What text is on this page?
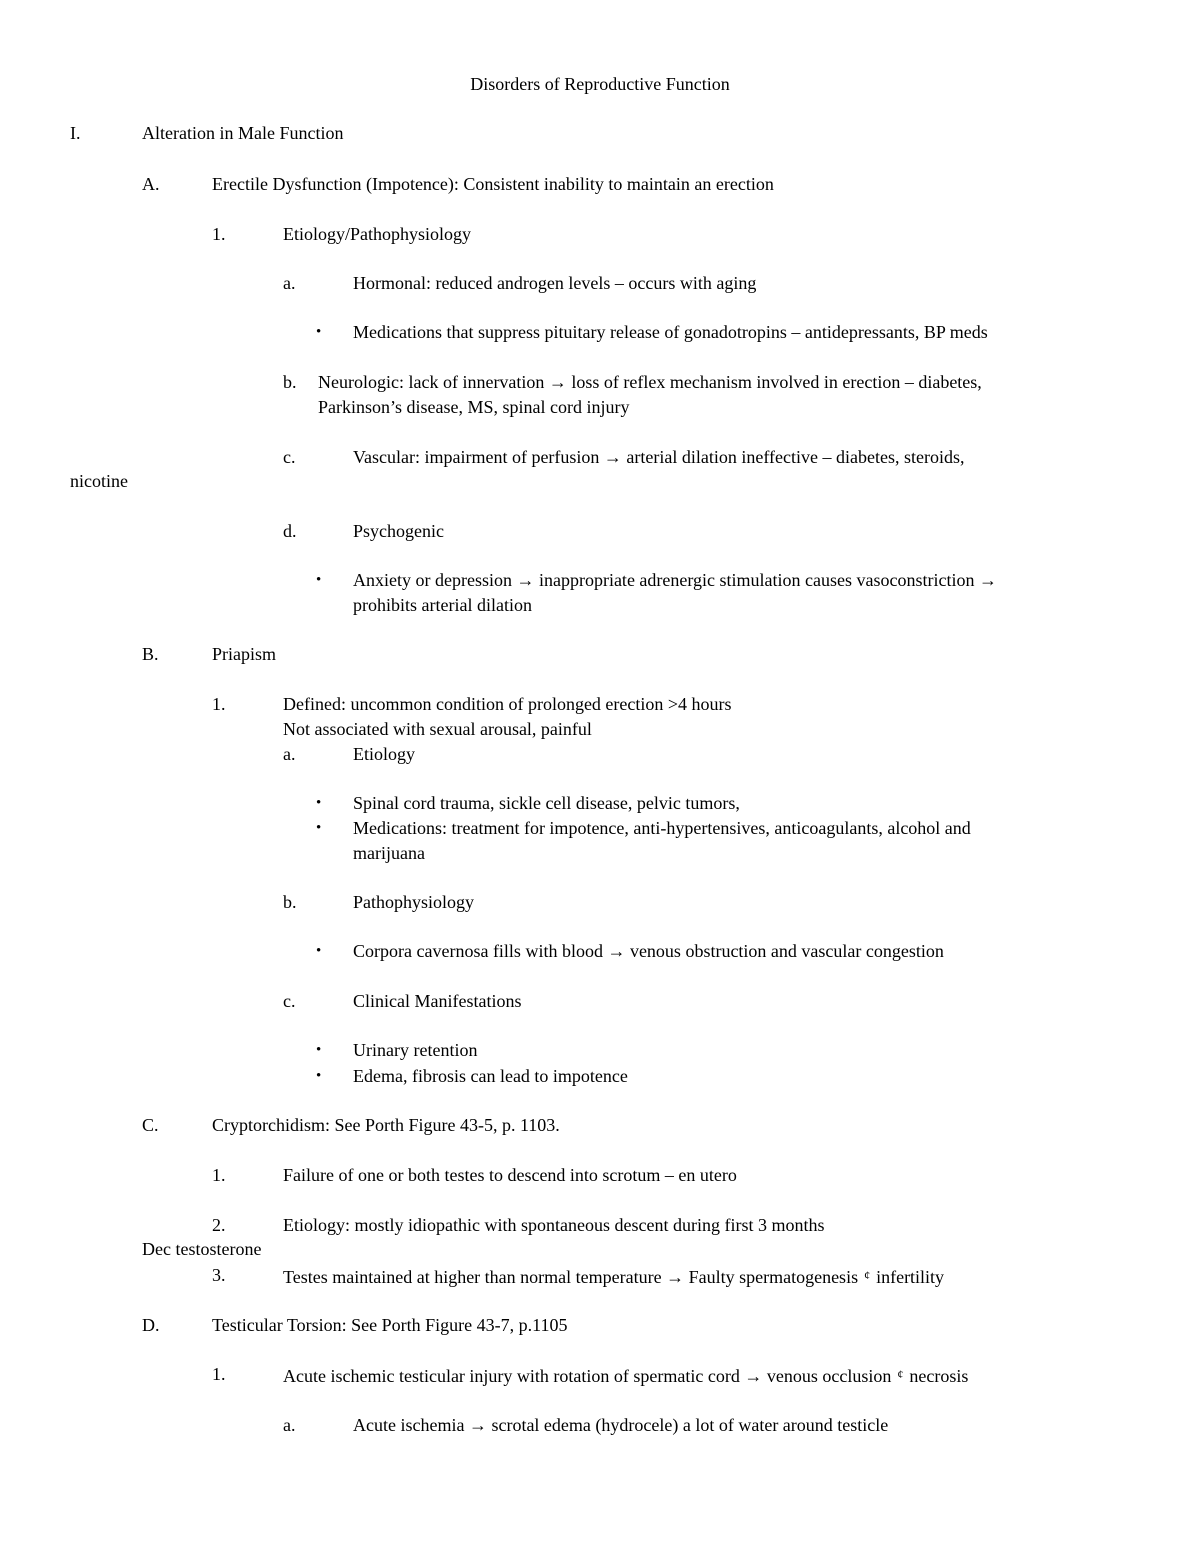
Disorders of Reproductive Function
I.	Alteration in Male Function
A.	Erectile Dysfunction (Impotence): Consistent inability to maintain an erection
1.	Etiology/Pathophysiology
a.	Hormonal: reduced androgen levels – occurs with aging
• Medications that suppress pituitary release of gonadotropins – antidepressants, BP meds
b. Neurologic: lack of innervation → loss of reflex mechanism involved in erection – diabetes,
Parkinson’s disease, MS, spinal cord injury
c.	Vascular: impairment of perfusion → arterial dilation ineffective – diabetes, steroids,
nicotine
d.	Psychogenic
• Anxiety or depression → inappropriate adrenergic stimulation causes vasoconstriction →
prohibits arterial dilation
B.	Priapism
1.	Defined: uncommon condition of prolonged erection >4 hours
Not associated with sexual arousal, painful
a.	Etiology
• Spinal cord trauma, sickle cell disease, pelvic tumors,
• Medications: treatment for impotence, anti-hypertensives, anticoagulants, alcohol and
marijuana
b.	Pathophysiology
• Corpora cavernosa fills with blood → venous obstruction and vascular congestion
c.	Clinical Manifestations
• Urinary retention
• Edema, fibrosis can lead to impotence
C.	Cryptorchidism: See Porth Figure 43-5, p. 1103.
1.	Failure of one or both testes to descend into scrotum – en utero
2.	Etiology: mostly idiopathic with spontaneous descent during first 3 months
Dec testosterone
3.	Testes maintained at higher than normal temperature → Faulty spermatogenesis ¢ infertility
D.	Testicular Torsion: See Porth Figure 43-7, p.1105
1.	Acute ischemic testicular injury with rotation of spermatic cord → venous occlusion ¢ necrosis
a.	Acute ischemia → scrotal edema (hydrocele) a lot of water around testicle
